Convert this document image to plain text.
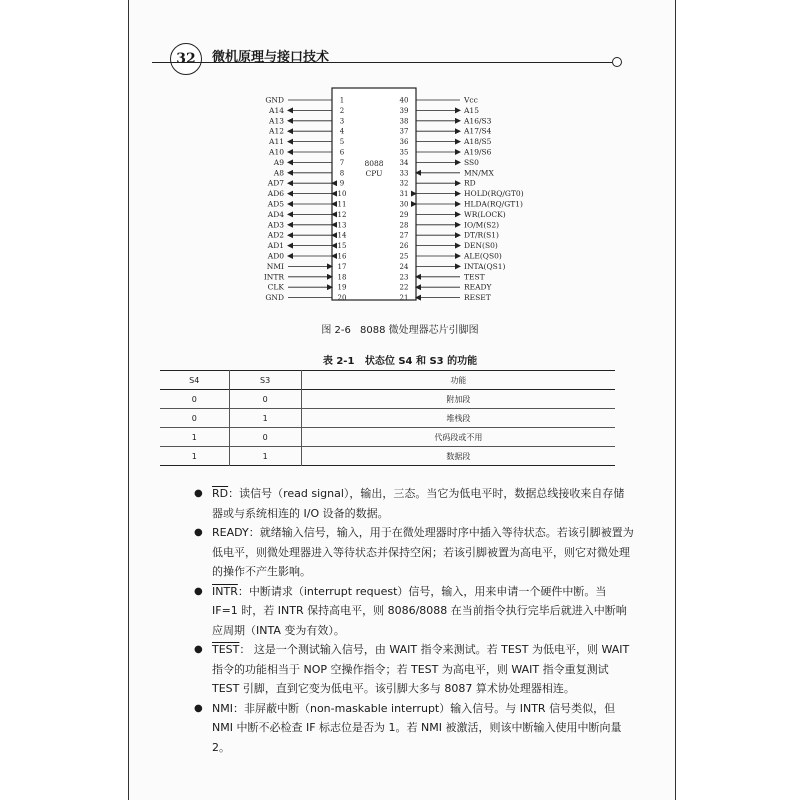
32	微机原理与接口技术
8088
CPU
GND	1
A14	2
A13	3
A12	4
A11	5
A10	6
A9	7
A8	8
AD7	9
AD6	10
AD5	11
AD4	12
AD3	13
AD2	14
AD1	15
AD0	16
NMI	17
INTR	18
CLK	19
GND	20
Vcc
40
A15
39
A16/S3
38
A17/S4
37
A18/S5
36
A19/S6
35
SS0
34
MN/MX
33
RD
32
HOLD(RQ/GT0)
31
HLDA(RQ/GT1)
30
WR(LOCK)
29
IO/M(S2)
28
DT/R(S1)
27
DEN(S0)
26
ALE(QS0)
25
INTA(QS1)
24
TEST
23
READY
22
RESET
21
图 2-6 8088 微处理器芯片引脚图
表 2-1 状态位 S4 和 S3 的功能
S4	S3	功能
0	0	附加段
0	1	堆栈段
1	0	代码段或不用
1	1	数据段
● $\overline{RD}$：读信号（read signal），输出，三态。当它为低电平时，数据总线接收来自存储器或与系统相连的 I/O 设备的数据。
● READY：就绪输入信号，输入，用于在微处理器时序中插入等待状态。若该引脚被置为低电平，则微处理器进入等待状态并保持空闲；若该引脚被置为高电平，则它对微处理的操作不产生影响。
● INTR：中断请求（interrupt request）信号，输入，用来申请一个硬件中断。当 IF=1 时，若 INTR 保持高电平，则 8086/8088 在当前指令执行完毕后就进入中断响应周期（INTA 变为有效）。
● TEST： 这是一个测试输入信号，由 WAIT 指令来测试。若 TEST 为低电平，则 WAIT 指令的功能相当于 NOP 空操作指令；若 TEST 为高电平，则 WAIT 指令重复测试 TEST 引脚，直到它变为低电平。该引脚大多与 8087 算术协处理器相连。
● NMI：非屏蔽中断（non-maskable interrupt）输入信号。与 INTR 信号类似，但 NMI 中断不必检查 IF 标志位是否为 1。若 NMI 被激活，则该中断输入使用中断向量 2。
